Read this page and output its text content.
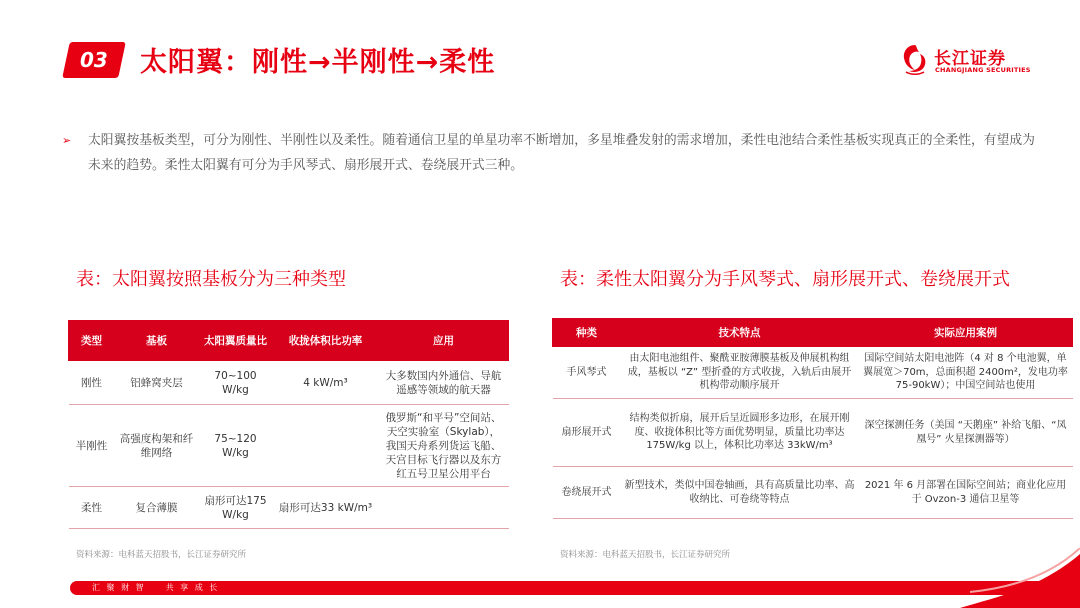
03	太阳翼：刚性→半刚性→柔性	长江证券
CHANGJIANG SECURITIES
➢ 太阳翼按基板类型，可分为刚性、半刚性以及柔性。随着通信卫星的单星功率不断增加，多星堆叠发射的需求增加，柔性电池结合柔性基板实现真正的全柔性，有望成为未来的趋势。柔性太阳翼有可分为手风琴式、扇形展开式、卷绕展开式三种。
表：太阳翼按照基板分为三种类型	表：柔性太阳翼分为手风琴式、扇形展开式、卷绕展开式
类型	基板	太阳翼质量比	收拢体积比功率	应用
刚性	铝蜂窝夹层	70~100 W/kg	4 kW/m³	大多数国内外通信、导航遥感等领域的航天器
半刚性	高强度构架和纤维网络	75~120 W/kg		俄罗斯“和平号”空间站、天空实验室（Skylab），我国天舟系列货运飞船、天宫目标飞行器以及东方红五号卫星公用平台
柔性	复合薄膜	扇形可达175 W/kg	扇形可达33 kW/m³	
种类	技术特点	实际应用案例
手风琴式	由太阳电池组件、聚酰亚胺薄膜基板及伸展机构组成，基板以 “Z” 型折叠的方式收拢，入轨后由展开机构带动顺序展开	国际空间站太阳电池阵（4 对 8 个电池翼，单翼展宽＞70m，总面积超 2400m²，发电功率 75-90kW）；中国空间站也使用
扇形展开式	结构类似折扇，展开后呈近圆形多边形，在展开刚度、收拢体积比等方面优势明显，质量比功率达 175W/kg 以上，体积比功率达 33kW/m³	深空探测任务（美国 “天鹅座” 补给飞船、“凤凰号” 火星探测器等）
卷绕展开式	新型技术，类似中国卷轴画，具有高质量比功率、高收纳比、可卷绕等特点	2021 年 6 月部署在国际空间站；商业化应用于 Ovzon-3 通信卫星等
资料来源：电科蓝天招股书，长江证券研究所	资料来源：电科蓝天招股书，长江证券研究所
汇 聚 财 智　　共 享 成 长
